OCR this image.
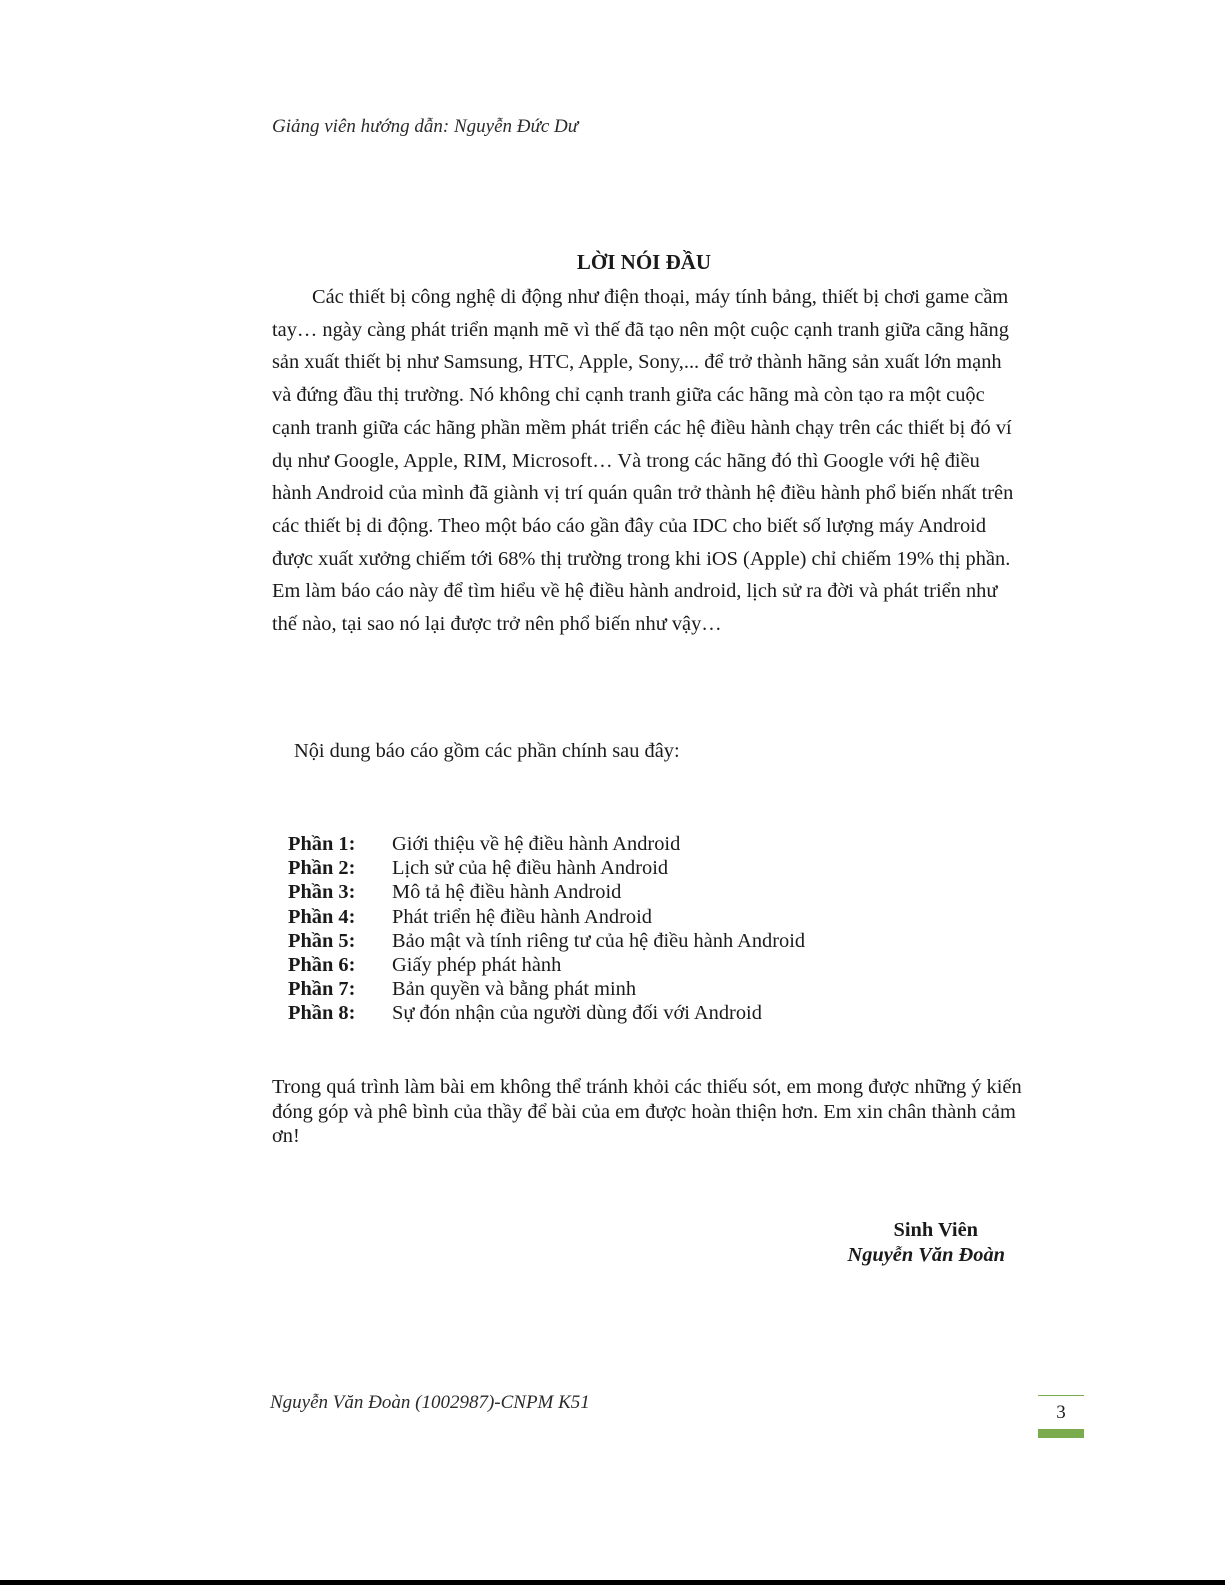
Giảng viên hướng dẫn: Nguyễn Đức Dư
LỜI NÓI ĐẦU

Các thiết bị công nghệ di động như điện thoại, máy tính bảng, thiết bị chơi game cầm tay… ngày càng phát triển mạnh mẽ vì thế đã tạo nên một cuộc cạnh tranh giữa cãng hãng sản xuất thiết bị như Samsung, HTC, Apple, Sony,... để trở thành hãng sản xuất lớn mạnh và đứng đầu thị trường. Nó không chỉ cạnh tranh giữa các hãng mà còn tạo ra một cuộc cạnh tranh giữa các hãng phần mềm phát triển các hệ điều hành chạy trên các thiết bị đó ví dụ như Google, Apple, RIM, Microsoft… Và trong các hãng đó thì Google với hệ điều hành Android của mình đã giành vị trí quán quân trở thành hệ điều hành phổ biến nhất trên các thiết bị di động. Theo một báo cáo gần đây của IDC cho biết số lượng máy Android được xuất xưởng chiếm tới 68% thị trường trong khi iOS (Apple) chỉ chiếm 19% thị phần. Em làm báo cáo này để tìm hiểu về hệ điều hành android, lịch sử ra đời và phát triển như thế nào, tại sao nó lại được trở nên phổ biến như vậy…

Nội dung báo cáo gồm các phần chính sau đây:
Phần 1: Giới thiệu về hệ điều hành Android
Phần 2: Lịch sử của hệ điều hành Android
Phần 3: Mô tả hệ điều hành Android
Phần 4: Phát triển hệ điều hành Android
Phần 5: Bảo mật và tính riêng tư của hệ điều hành Android
Phần 6: Giấy phép phát hành
Phần 7: Bản quyền và bằng phát minh
Phần 8: Sự đón nhận của người dùng đối với Android

Trong quá trình làm bài em không thể tránh khỏi các thiếu sót, em mong được những ý kiến đóng góp và phê bình của thầy để bài của em được hoàn thiện hơn. Em xin chân thành cảm ơn!

Sinh Viên
Nguyễn Văn Đoàn
Nguyễn Văn Đoàn (1002987)-CNPM K51	3
